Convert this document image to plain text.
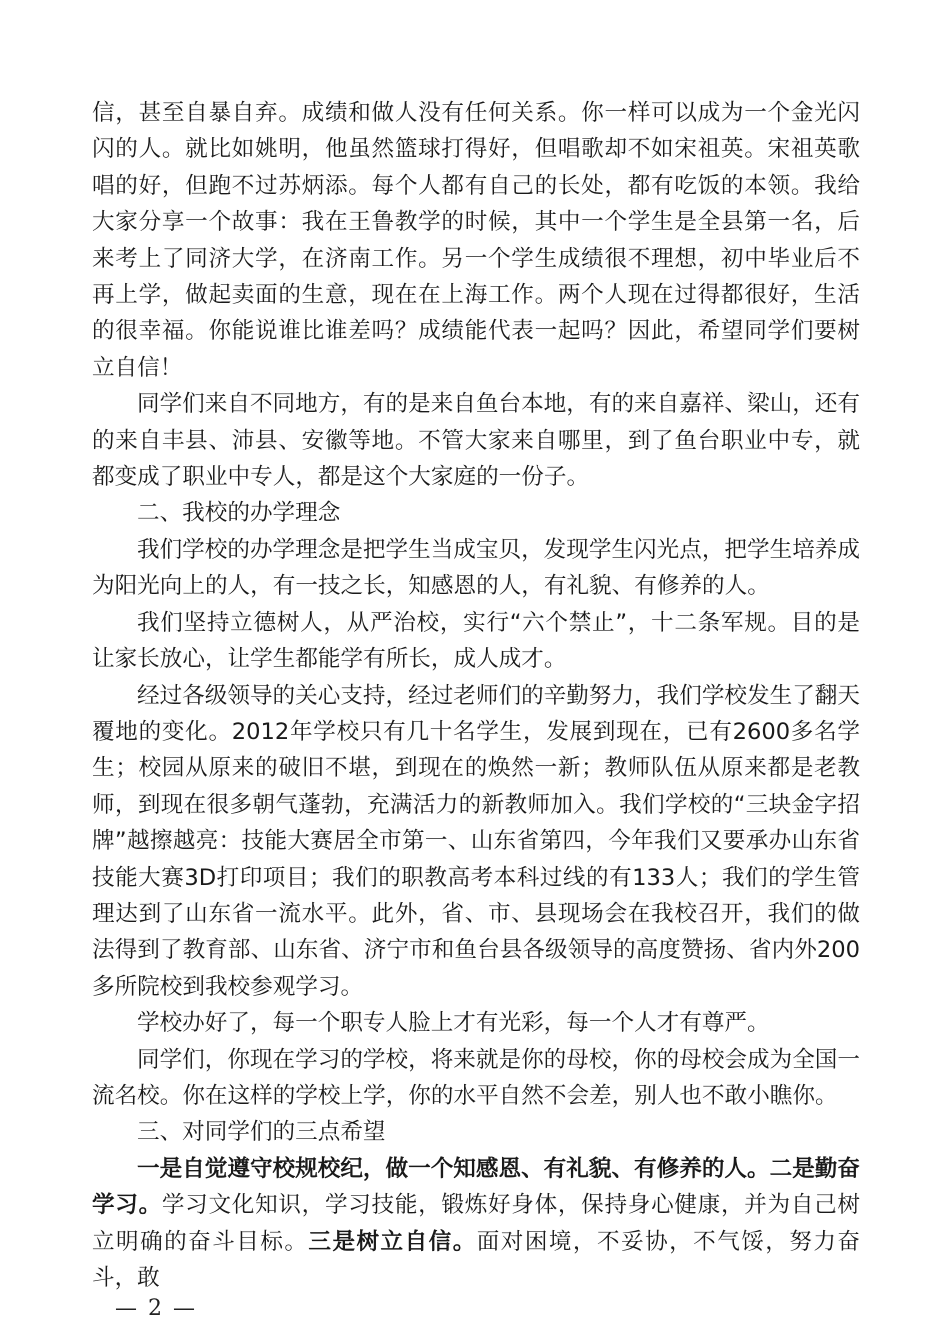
信，甚至自暴自弃。成绩和做人没有任何关系。你一样可以成为一个金光闪闪的人。就比如姚明，他虽然篮球打得好，但唱歌却不如宋祖英。宋祖英歌唱的好，但跑不过苏炳添。每个人都有自己的长处，都有吃饭的本领。我给大家分享一个故事：我在王鲁教学的时候，其中一个学生是全县第一名，后来考上了同济大学，在济南工作。另一个学生成绩很不理想，初中毕业后不再上学，做起卖面的生意，现在在上海工作。两个人现在过得都很好，生活的很幸福。你能说谁比谁差吗？成绩能代表一起吗？因此，希望同学们要树立自信！

同学们来自不同地方，有的是来自鱼台本地，有的来自嘉祥、梁山，还有的来自丰县、沛县、安徽等地。不管大家来自哪里，到了鱼台职业中专，就都变成了职业中专人，都是这个大家庭的一份子。

二、我校的办学理念

我们学校的办学理念是把学生当成宝贝，发现学生闪光点，把学生培养成为阳光向上的人，有一技之长，知感恩的人，有礼貌、有修养的人。

我们坚持立德树人，从严治校，实行“六个禁止”，十二条军规。目的是让家长放心，让学生都能学有所长，成人成才。

经过各级领导的关心支持，经过老师们的辛勤努力，我们学校发生了翻天覆地的变化。2012年学校只有几十名学生，发展到现在，已有2600多名学生；校园从原来的破旧不堪，到现在的焕然一新；教师队伍从原来都是老教师，到现在很多朝气蓬勃，充满活力的新教师加入。我们学校的“三块金字招牌”越擦越亮：技能大赛居全市第一、山东省第四，今年我们又要承办山东省技能大赛3D打印项目；我们的职教高考本科过线的有133人；我们的学生管理达到了山东省一流水平。此外，省、市、县现场会在我校召开，我们的做法得到了教育部、山东省、济宁市和鱼台县各级领导的高度赞扬、省内外200多所院校到我校参观学习。

学校办好了，每一个职专人脸上才有光彩，每一个人才有尊严。

同学们，你现在学习的学校，将来就是你的母校，你的母校会成为全国一流名校。你在这样的学校上学，你的水平自然不会差，别人也不敢小瞧你。

三、对同学们的三点希望

一是自觉遵守校规校纪，做一个知感恩、有礼貌、有修养的人。二是勤奋学习。学习文化知识，学习技能，锻炼好身体，保持身心健康，并为自己树立明确的奋斗目标。三是树立自信。面对困境，不妥协，不气馁，努力奋斗，敢

— 2 —
